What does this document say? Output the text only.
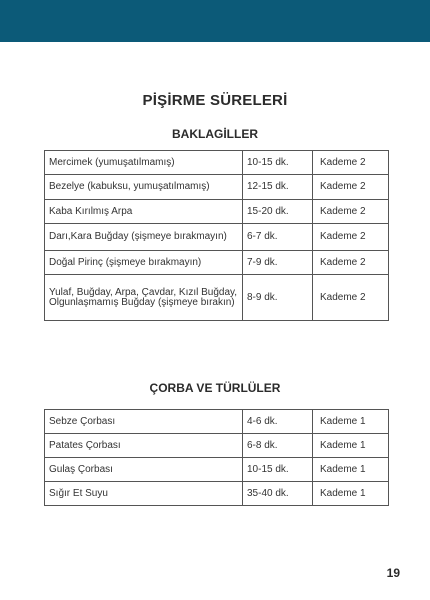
PİŞİRME SÜRELERİ
BAKLAGİLLER
Mercimek (yumuşatılmamış)	10-15 dk.	Kademe 2
Bezelye (kabuksu, yumuşatılmamış)	12-15 dk.	Kademe 2
Kaba Kırılmış Arpa	15-20 dk.	Kademe 2
Darı,Kara Buğday (şişmeye bırakmayın)	6-7 dk.	Kademe 2
Doğal Pirinç (şişmeye bırakmayın)	7-9 dk.	Kademe 2
Yulaf, Buğday, Arpa, Çavdar, Kızıl Buğday, Olgunlaşmamış Buğday (şişmeye bırakın)	8-9 dk.	Kademe 2
ÇORBA VE TÜRLÜLER
Sebze Çorbası	4-6 dk.	Kademe 1
Patates Çorbası	6-8 dk.	Kademe 1
Gulaş Çorbası	10-15 dk.	Kademe 1
Sığır Et Suyu	35-40 dk.	Kademe 1
19
